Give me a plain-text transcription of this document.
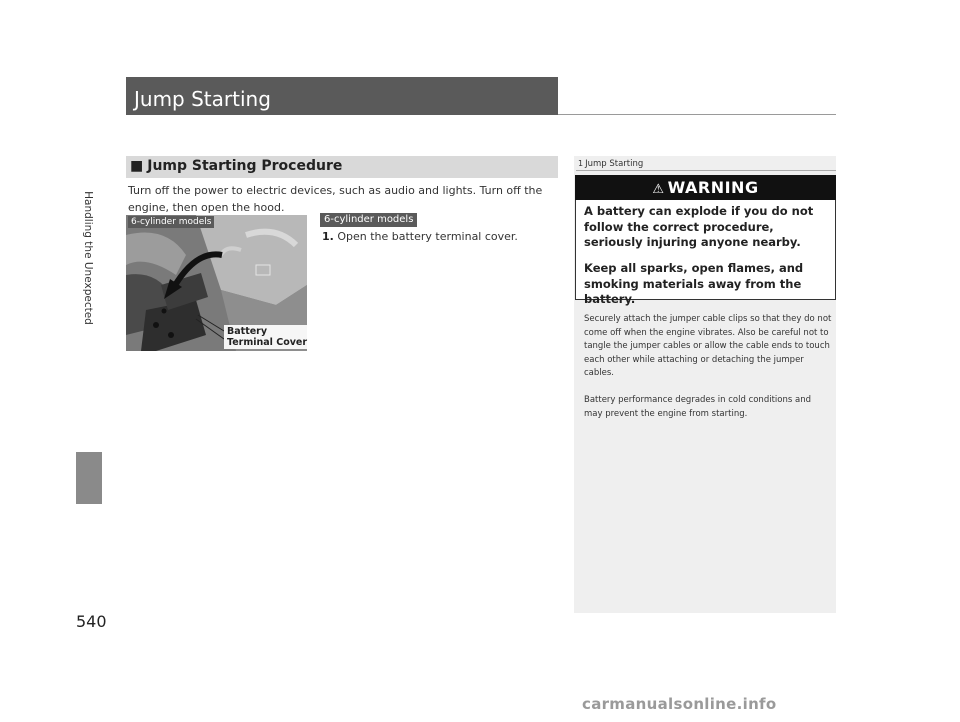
Handling the Unexpected
540
Jump Starting
■ Jump Starting Procedure
Turn off the power to electric devices, such as audio and lights. Turn off the engine, then open the hood.
6-cylinder models
Battery
Terminal Cover
6-cylinder models
1. Open the battery terminal cover.
1 Jump Starting
⚠ WARNING
A battery can explode if you do not follow the correct procedure, seriously injuring anyone nearby.
Keep all sparks, open flames, and smoking materials away from the battery.
Securely attach the jumper cable clips so that they do not come off when the engine vibrates. Also be careful not to tangle the jumper cables or allow the cable ends to touch each other while attaching or detaching the jumper cables.
Battery performance degrades in cold conditions and may prevent the engine from starting.
carmanualsonline.info
